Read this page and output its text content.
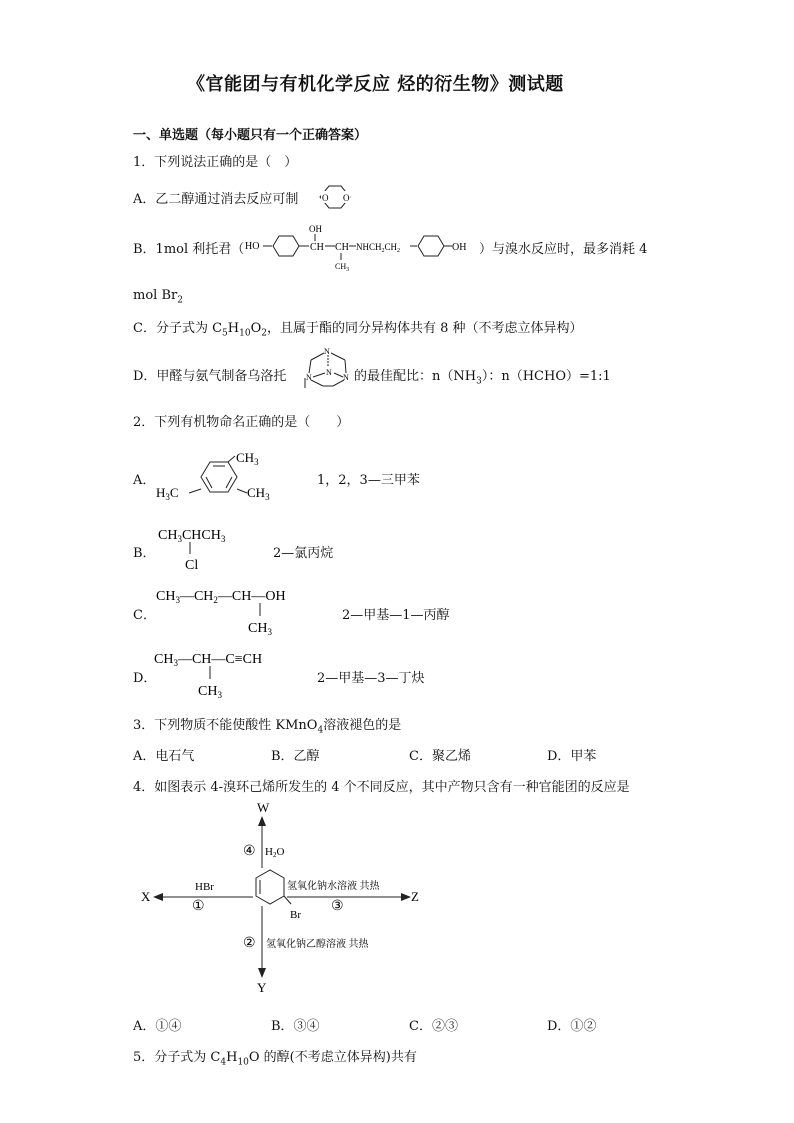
《官能团与有机化学反应 烃的衍生物》测试题
一、单选题（每小题只有一个正确答案）
1．下列说法正确的是（　）
A．乙二醇通过消去反应可制	O O
B．1mol 利托君（ HO
OH
CH CH
$CH_3$
$NHCH_2CH_2$	OH ）与溴水反应时，最多消耗 4
mol $Br_2$
C．分子式为 $C_5H_{10}O_2$，且属于酯的同分异构体共有 8 种（不考虑立体异构）
D．甲醛与氨气制备乌洛托
N
N	N
N 的最佳配比：$n(NH_3)$：n（HCHO）=1:1
2．下列有机物命名正确的是（　　）
A．
$CH_3$
$CH_3$
$H_3C$
1，2，3—三甲苯
B．
$CH_3CHCH_3$
Cl
2—氯丙烷
C．
$CH_3—CH_2—CH—OH$
$CH_3$
2—甲基—1—丙醇
D．
$CH_3—CH—C\equiv CH$
$CH_3$
2—甲基—3—丁炔
3．下列物质不能使酸性 KMnO$_4$溶液褪色的是
A．电石气	B．乙醇	C．聚乙烯	D．甲苯
4．如图表示 4-溴环己烯所发生的 4 个不同反应，其中产物只含有一种官能团的反应是
Br
W
④ H2O
X
HBr
①
Z
氢氧化钠水溶液 共热
③
Y
② 氢氧化钠乙醇溶液 共热
A．①④	B．③④	C．②③	D．①②
5．分子式为 $C_4H_{10}O$ 的醇(不考虑立体异构)共有
